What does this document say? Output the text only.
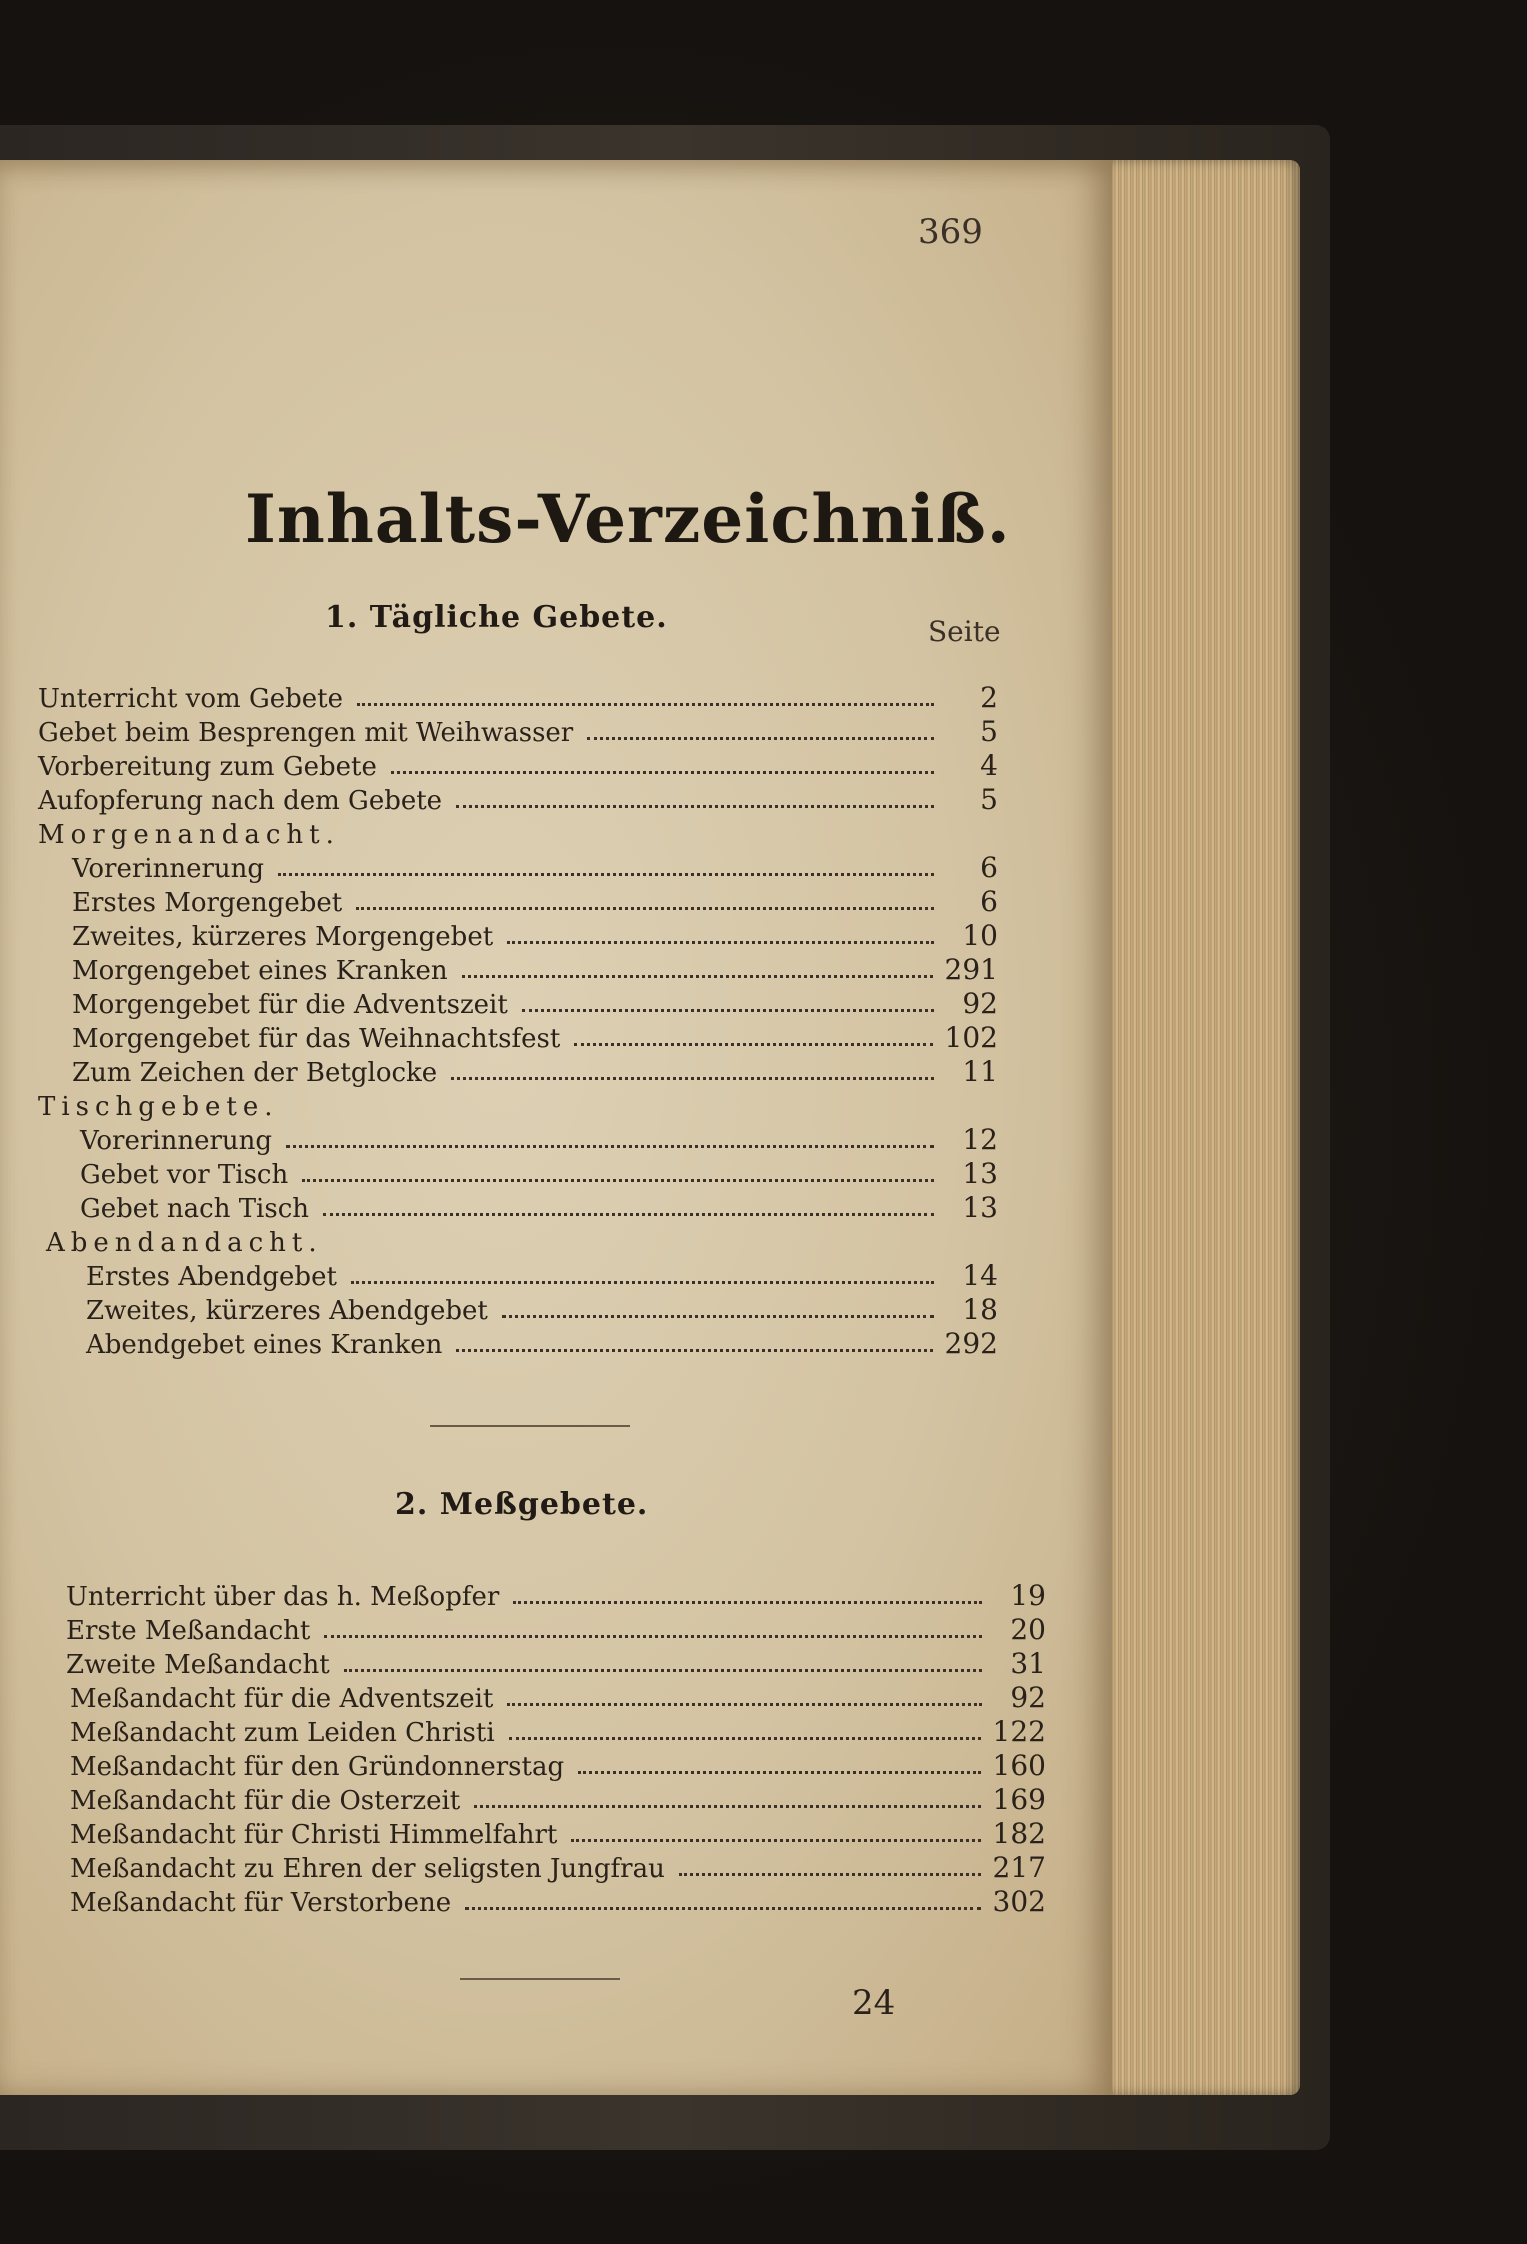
369
Inhalts-Verzeichniß.
1. Tägliche Gebete.	Seite
Unterricht vom Gebete	2
Gebet beim Besprengen mit Weihwasser	5
Vorbereitung zum Gebete	4
Aufopferung nach dem Gebete	5
Morgenandacht.
Vorerinnerung	6
Erstes Morgengebet	6
Zweites, kürzeres Morgengebet	10
Morgengebet eines Kranken	291
Morgengebet für die Adventszeit	92
Morgengebet für das Weihnachtsfest	102
Zum Zeichen der Betglocke	11
Tischgebete.
Vorerinnerung	12
Gebet vor Tisch	13
Gebet nach Tisch	13
Abendandacht.
Erstes Abendgebet	14
Zweites, kürzeres Abendgebet	18
Abendgebet eines Kranken	292
2. Meßgebete.
Unterricht über das h. Meßopfer	19
Erste Meßandacht	20
Zweite Meßandacht	31
Meßandacht für die Adventszeit	92
Meßandacht zum Leiden Christi	122
Meßandacht für den Gründonnerstag	160
Meßandacht für die Osterzeit	169
Meßandacht für Christi Himmelfahrt	182
Meßandacht zu Ehren der seligsten Jungfrau	217
Meßandacht für Verstorbene	302
24
